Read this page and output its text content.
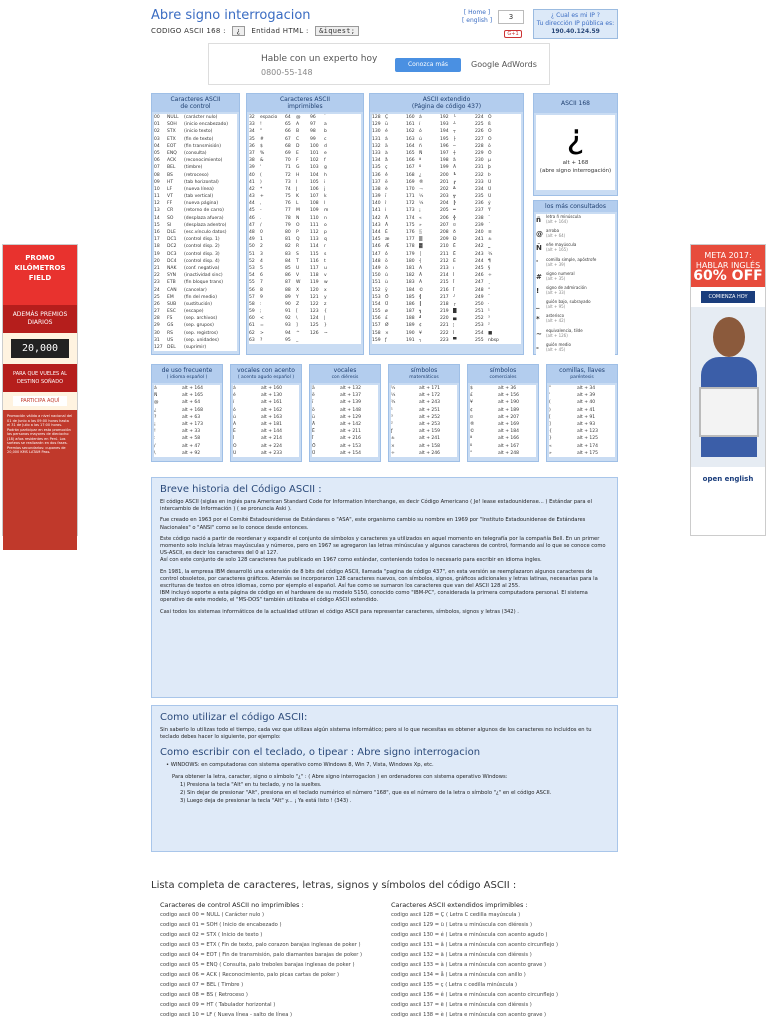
Abre signo interrogacion
CODIGO ASCII 168 : ¿ Entidad HTML : &iquest;
[ Home ]
[ english ]	3
G+1
¿ Cual es mi IP ?
Tu dirección IP pública es:
190.40.124.59
Hable con un experto hoy
0800-55-148
Conozca más	Google AdWords
Caracteres ASCII
de control
00	NULL	(carácter nulo)
01	SOH	(inicio encabezado)
02	STX	(inicio texto)
03	ETX	(fin de texto)
04	EOT	(fin transmisión)
05	ENQ	(consulta)
06	ACK	(reconocimiento)
07	BEL	(timbre)
08	BS	(retroceso)
09	HT	(tab horizontal)
10	LF	(nueva línea)
11	VT	(tab vertical)
12	FF	(nueva página)
13	CR	(retorno de carro)
14	SO	(desplaza afuera)
15	SI	(desplaza adentro)
16	DLE	(esc.vínculo datos)
17	DC1	(control disp. 1)
18	DC2	(control disp. 2)
19	DC3	(control disp. 3)
20	DC4	(control disp. 4)
21	NAK	(conf. negativa)
22	SYN	(inactividad sinc)
23	ETB	(fin bloque trans)
24	CAN	(cancelar)
25	EM	(fin del medio)
26	SUB	(sustitución)
27	ESC	(escape)
28	FS	(sep. archivos)
29	GS	(sep. grupos)
30	RS	(sep. registros)
31	US	(sep. unidades)
127 DEL	(suprimir)
Caracteres ASCII
imprimibles
32	espacio	64	@	96	`
33	!	65	A	97	a
34	"	66	B	98	b
35	#	67	C	99	c
36	$	68	D	100	d
37	%	69	E	101	e
38	&	70	F	102	f
39	'	71	G	103	g
40	(	72	H	104	h
41	)	73	I	105	i
42	*	74	J	106	j
43	+	75	K	107	k
44	,	76	L	108	l
45	-	77	M	109	m
46	.	78	N	110	n
47	/	79	O	111	o
48	0	80	P	112	p
49	1	81	Q	113	q
50	2	82	R	114	r
51	3	83	S	115	s
52	4	84	T	116	t
53	5	85	U	117	u
54	6	86	V	118	v
55	7	87	W	119	w
56	8	88	X	120	x
57	9	89	Y	121	y
58	:	90	Z	122	z
59	;	91	[	123	{
60	<	92	\	124	|
61	=	93	]	125	}
62	>	94	^	126	~
63	?	95	_
ASCII extendido
(Página de código 437)
128 Ç	160 á	192 └	224 Ó
129 ü	161 í	193 ┴	225 ß
130 é	162 ó	194 ┬	226 Ô
131 â	163 ú	195 ├	227 Ò
132 ä	164 ñ	196 ─	228 õ
133 à	165 Ñ	197 ┼	229 Õ
134 å	166 ª	198 ã	230 µ
135 ç	167 º	199 Ã	231 þ
136 ê	168 ¿	200 ╚	232 Þ
137 ë	169 ®	201 ╔	233 Ú
138 è	170 ¬	202 ╩	234 Û
139 ï	171 ½	203 ╦	235 Ù
140 î	172 ¼	204 ╠	236 ý
141 ì	173 ¡	205 ═	237 Ý
142 Ä	174 «	206 ╬	238 ¯
143 Å	175 »	207 ¤	239 ´
144 É	176 ░	208 ð	240 ≡
145 æ	177 ▒	209 Ð	241 ±
146 Æ	178 ▓	210 Ê	242 ‗
147 ô	179 │	211 Ë	243 ¾
148 ö	180 ┤	212 È	244 ¶
149 ò	181 Á	213 ı	245 §
150 û	182 Â	214 Í	246 ÷
151 ù	183 À	215 Î	247 ¸
152 ÿ	184 ©	216 Ï	248 °
153 Ö	185 ╣	217 ┘	249 ¨
154 Ü	186 ║	218 ┌	250 ·
155 ø	187 ╗	219 █	251 ¹
156 £	188 ╝	220 ▄	252 ³
157 Ø	189 ¢	221 ¦	253 ²
158 ×	190 ¥	222 Ì	254 ■
159 ƒ	191 ┐	223 ▀	255 nbsp
ASCII 168
¿
alt + 168
(abre signo interrogación)
los más consultados
ñ	letra ñ minúscula
(alt + 164)
@ arroba
(alt + 64)
Ñ	eñe mayúscula
(alt + 165)
'	comilla simple, apóstrofe
(alt + 39)
#	signo numeral
(alt + 35)
!	signo de admiración
(alt + 33)
_	guión bajo, subrayado
(alt + 95)
*	asterisco
(alt + 42)
~	equivalencia, tilde
(alt + 126)
-	guión medio
(alt + 45)
de uso frecuente
( idioma español )
á	alt + 164
Ñ	alt + 165
@	alt + 64
¿	alt + 168
?	alt + 63
¡	alt + 173
!	alt + 33
:	alt + 58
/	alt + 47
\	alt + 92
vocales con acento
( acento agudo español )
á	alt + 160
é	alt + 130
í	alt + 161
ó	alt + 162
ú	alt + 163
Á	alt + 181
É	alt + 144
Í	alt + 214
Ó	alt + 224
Ú	alt + 233
vocales
con diéresis
ä	alt + 132
ë	alt + 137
ï	alt + 139
ö	alt + 148
ü	alt + 129
Ä	alt + 142
Ë	alt + 211
Ï	alt + 216
Ö	alt + 153
Ü	alt + 154
símbolos
matemáticos
½	alt + 171
¼	alt + 172
¾	alt + 243
¹	alt + 251
³	alt + 252
²	alt + 253
ƒ	alt + 159
±	alt + 241
×	alt + 158
÷	alt + 246
símbolos
comerciales
$	alt + 36
£	alt + 156
¥	alt + 190
¢	alt + 189
¤	alt + 207
®	alt + 169
©	alt + 184
ª	alt + 166
º	alt + 167
°	alt + 248
comillas, llaves
paréntesis
"	alt + 34
'	alt + 39
(	alt + 40
)	alt + 41
[	alt + 91
]	alt + 93
{	alt + 123
}	alt + 125
«	alt + 174
»	alt + 175
PROMO KILÓMETROS FIELD
ADEMÁS PREMIOS DIARIOS
20,000
PARA QUE VUELES AL DESTINO SOÑADO
PARTICIPA AQUÍ
Promoción válida a nivel nacional del 01 de Junio a las 09:00 horas hasta el 31 de Julio a las 17:00 horas. Podrán participar en esta promoción las personas mayores de dieciocho (18) años residentes en Perú. Los sorteos se realizarán en dos fases. Premios secundarios: cupones de 20,000 KMS LATAM Pass.
META 2017:
HABLAR INGLÉS
60% OFF
COMIENZA HOY
open english
Breve historia del Código ASCII :

El código ASCII (siglas en inglés para American Standard Code for Information Interchange, es decir Código Americano ( Je! lease estadounidense... ) Estándar para el intercambio de Información ) ( se pronuncia Aski ).

Fue creado en 1963 por el Comité Estadounidense de Estándares o "ASA", este organismo cambio su nombre en 1969 por "Instituto Estadounidense de Estándares Nacionales" o "ANSI" como se lo conoce desde entonces.

Este código nació a partir de reordenar y expandir el conjunto de símbolos y caracteres ya utilizados en aquel momento en telegrafía por la compañía Bell. En un primer momento solo incluía letras mayúsculas y números, pero en 1967 se agregaron las letras minúsculas y algunos caracteres de control, formando así lo que se conoce como US-ASCII, es decir los caracteres del 0 al 127.

Así con este conjunto de solo 128 caracteres fue publicado en 1967 como estándar, conteniendo todos lo necesario para escribir en idioma ingles.

En 1981, la empresa IBM desarrolló una extensión de 8 bits del código ASCII, llamada "pagina de código 437", en esta versión se reemplazaron algunos caracteres de control obsoletos, por caracteres gráficos. Además se incorporaron 128 caracteres nuevos, con símbolos, signos, gráficos adicionales y letras latinas, necesarias para la escrituras de textos en otros idiomas, como por ejemplo el español. Así fue como se sumaron los caracteres que van del ASCII 128 al 255.

IBM incluyó soporte a esta página de código en el hardware de su modelo 5150, conocido como "IBM-PC", considerada la primera computadora personal. El sistema operativo de este modelo, el "MS-DOS" también utilizaba el código ASCII extendido.

Casi todos los sistemas informáticos de la actualidad utilizan el código ASCII para representar caracteres, símbolos, signos y letras (342) .

Como utilizar el código ASCII:

Sin saberlo lo utilizas todo el tiempo, cada vez que utilizas algún sistema informático; pero si lo que necesitas es obtener algunos de los caracteres no incluidos en tu teclado debes hacer lo siguiente, por ejemplo:

Como escribir con el teclado, o tipear : Abre signo interrogacion

• WINDOWS: en computadoras con sistema operativo como Windows 8, Win 7, Vista, Windows Xp, etc.

Para obtener la letra, caracter, signo o símbolo "¿" : ( Abre signo interrogacion ) en ordenadores con sistema operativo Windows:

1) Presiona la tecla "Alt" en tu teclado, y no la sueltes.

2) Sin dejar de presionar "Alt", presiona en el teclado numérico el número "168", que es el número de la letra o símbolo "¿" en el código ASCII.

3) Luego deja de presionar la tecla "Alt" y... ¡ Ya está listo ! (343) .

Lista completa de caracteres, letras, signos y símbolos del código ASCII :
Caracteres de control ASCII no imprimibles :
codigo ascii 00 = NULL ( Carácter nulo )
codigo ascii 01 = SOH ( Inicio de encabezado )
codigo ascii 02 = STX ( Inicio de texto )
codigo ascii 03 = ETX ( Fin de texto, palo corazon barajas inglesas de poker )
codigo ascii 04 = EOT ( Fin de transmisión, palo diamantes barajas de poker )
codigo ascii 05 = ENQ ( Consulta, palo treboles barajas inglesas de poker )
codigo ascii 06 = ACK ( Reconocimiento, palo picas cartas de poker )
codigo ascii 07 = BEL ( Timbre )
codigo ascii 08 = BS ( Retroceso )
codigo ascii 09 = HT ( Tabulador horizontal )
codigo ascii 10 = LF ( Nueva línea - salto de línea )
Caracteres ASCII extendidos imprimibles :
codigo ascii 128 = Ç ( Letra C cedilla mayúscula )
codigo ascii 129 = ü ( Letra u minúscula con diéresis )
codigo ascii 130 = é ( Letra e minúscula con acento agudo )
codigo ascii 131 = â ( Letra a minúscula con acento circunflejo )
codigo ascii 132 = ä ( Letra a minúscula con diéresis )
codigo ascii 133 = à ( Letra a minúscula con acento grave )
codigo ascii 134 = å ( Letra a minúscula con anillo )
codigo ascii 135 = ç ( Letra c cedilla minúscula )
codigo ascii 136 = ê ( Letra e minúscula con acento circunflejo )
codigo ascii 137 = ë ( Letra e minúscula con diéresis )
codigo ascii 138 = è ( Letra e minúscula con acento grave )
